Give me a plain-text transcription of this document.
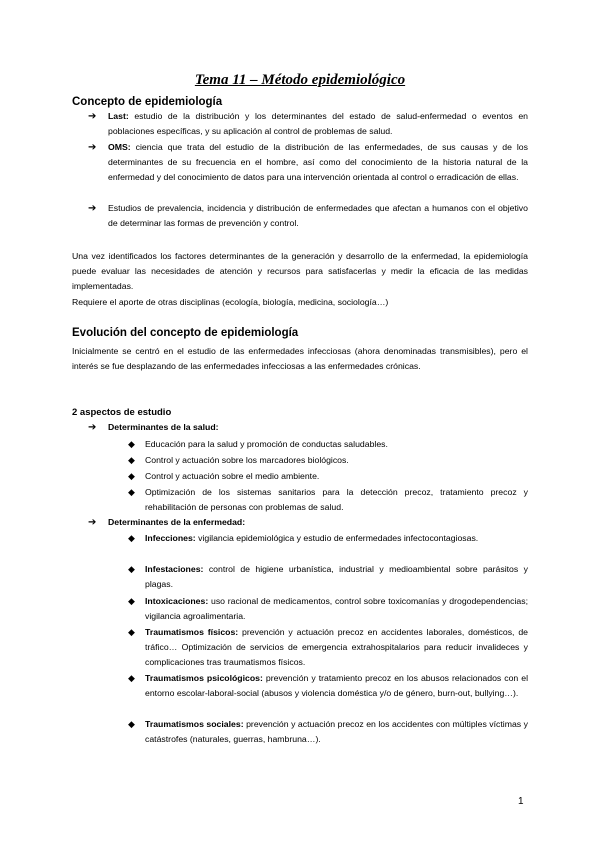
Tema 11 – Método epidemiológico
Concepto de epidemiología
➔ Last: estudio de la distribución y los determinantes del estado de salud-enfermedad o eventos en poblaciones específicas, y su aplicación al control de problemas de salud.

➔ OMS: ciencia que trata del estudio de la distribución de las enfermedades, de sus causas y de los determinantes de su frecuencia en el hombre, así como del conocimiento de la historia natural de la enfermedad y del conocimiento de datos para una intervención orientada al control o erradicación de ellas.

➔ Estudios de prevalencia, incidencia y distribución de enfermedades que afectan a humanos con el objetivo de determinar las formas de prevención y control.

Una vez identificados los factores determinantes de la generación y desarrollo de la enfermedad, la epidemiología puede evaluar las necesidades de atención y recursos para satisfacerlas y medir la eficacia de las medidas implementadas.

Requiere el aporte de otras disciplinas (ecología, biología, medicina, sociología…)

Evolución del concepto de epidemiología

Inicialmente se centró en el estudio de las enfermedades infecciosas (ahora denominadas transmisibles), pero el interés se fue desplazando de las enfermedades infecciosas a las enfermedades crónicas.

2 aspectos de estudio
➔ Determinantes de la salud:
◆ Educación para la salud y promoción de conductas saludables.

◆ Control y actuación sobre los marcadores biológicos.

◆ Control y actuación sobre el medio ambiente.

◆ Optimización de los sistemas sanitarios para la detección precoz, tratamiento precoz y rehabilitación de personas con problemas de salud.

➔ Determinantes de la enfermedad:
◆ Infecciones: vigilancia epidemiológica y estudio de enfermedades infectocontagiosas.

◆ Infestaciones: control de higiene urbanística, industrial y medioambiental sobre parásitos y plagas.

◆ Intoxicaciones: uso racional de medicamentos, control sobre toxicomanías y drogodependencias; vigilancia agroalimentaria.

◆ Traumatismos físicos: prevención y actuación precoz en accidentes laborales, domésticos, de tráfico… Optimización de servicios de emergencia extrahospitalarios para reducir invalideces y complicaciones tras traumatismos físicos.

◆ Traumatismos psicológicos: prevención y tratamiento precoz en los abusos relacionados con el entorno escolar-laboral-social (abusos y violencia doméstica y/o de género, burn-out, bullying…).

◆ Traumatismos sociales: prevención y actuación precoz en los accidentes con múltiples víctimas y catástrofes (naturales, guerras, hambruna…).

1
